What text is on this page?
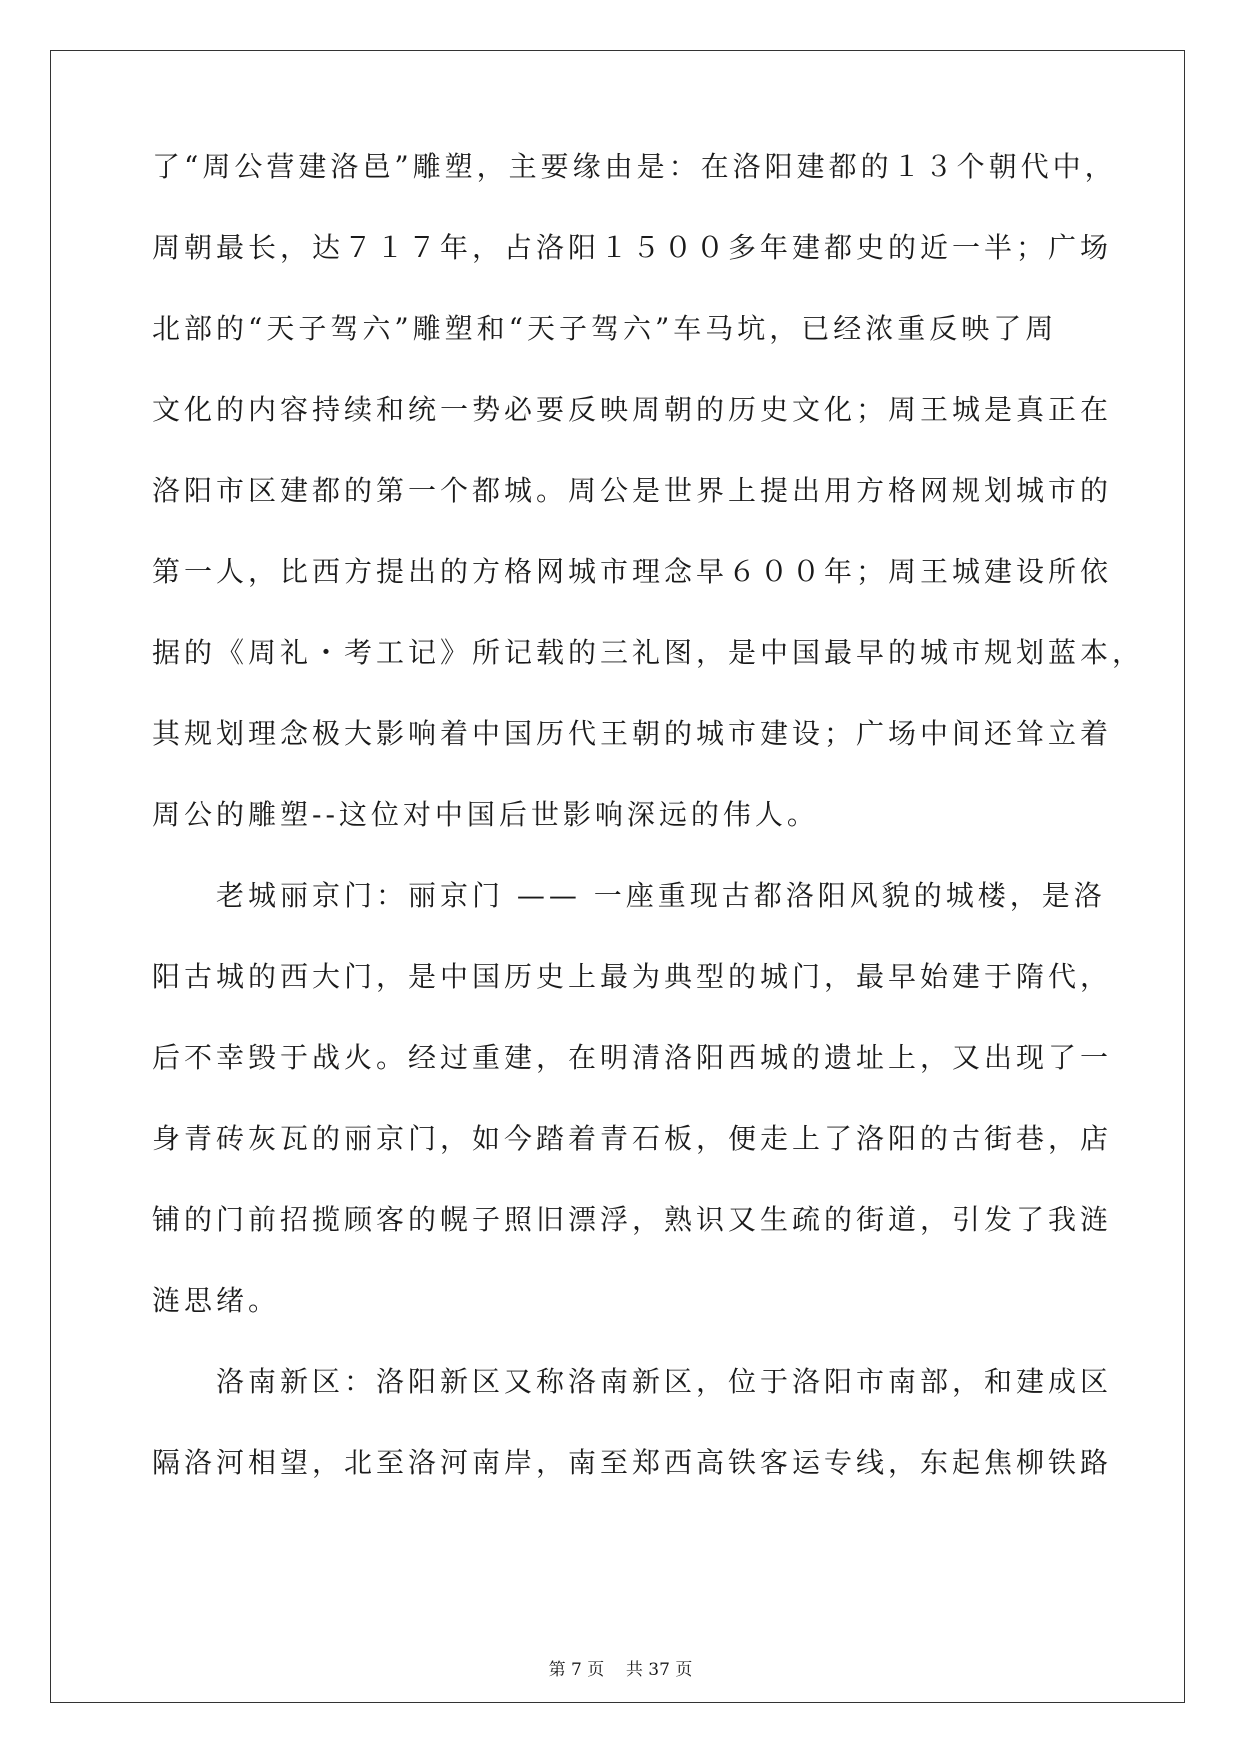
了“周公营建洛邑”雕塑，主要缘由是：在洛阳建都的１３个朝代中，
周朝最长，达７１７年，占洛阳１５００多年建都史的近一半；广场
北部的“天子驾六”雕塑和“天子驾六”车马坑，已经浓重反映了周
文化的内容持续和统一势必要反映周朝的历史文化；周王城是真正在
洛阳市区建都的第一个都城。周公是世界上提出用方格网规划城市的
第一人，比西方提出的方格网城市理念早６００年；周王城建设所依
据的《周礼・考工记》所记载的三礼图，是中国最早的城市规划蓝本，
其规划理念极大影响着中国历代王朝的城市建设；广场中间还耸立着
周公的雕塑--这位对中国后世影响深远的伟人。
老城丽京门：丽京门 —— 一座重现古都洛阳风貌的城楼，是洛
阳古城的西大门，是中国历史上最为典型的城门，最早始建于隋代，
后不幸毁于战火。经过重建，在明清洛阳西城的遗址上，又出现了一
身青砖灰瓦的丽京门，如今踏着青石板，便走上了洛阳的古街巷，店
铺的门前招揽顾客的幌子照旧漂浮，熟识又生疏的街道，引发了我涟
涟思绪。
洛南新区：洛阳新区又称洛南新区，位于洛阳市南部，和建成区
隔洛河相望，北至洛河南岸，南至郑西高铁客运专线，东起焦柳铁路
第 7 页    共 37 页
